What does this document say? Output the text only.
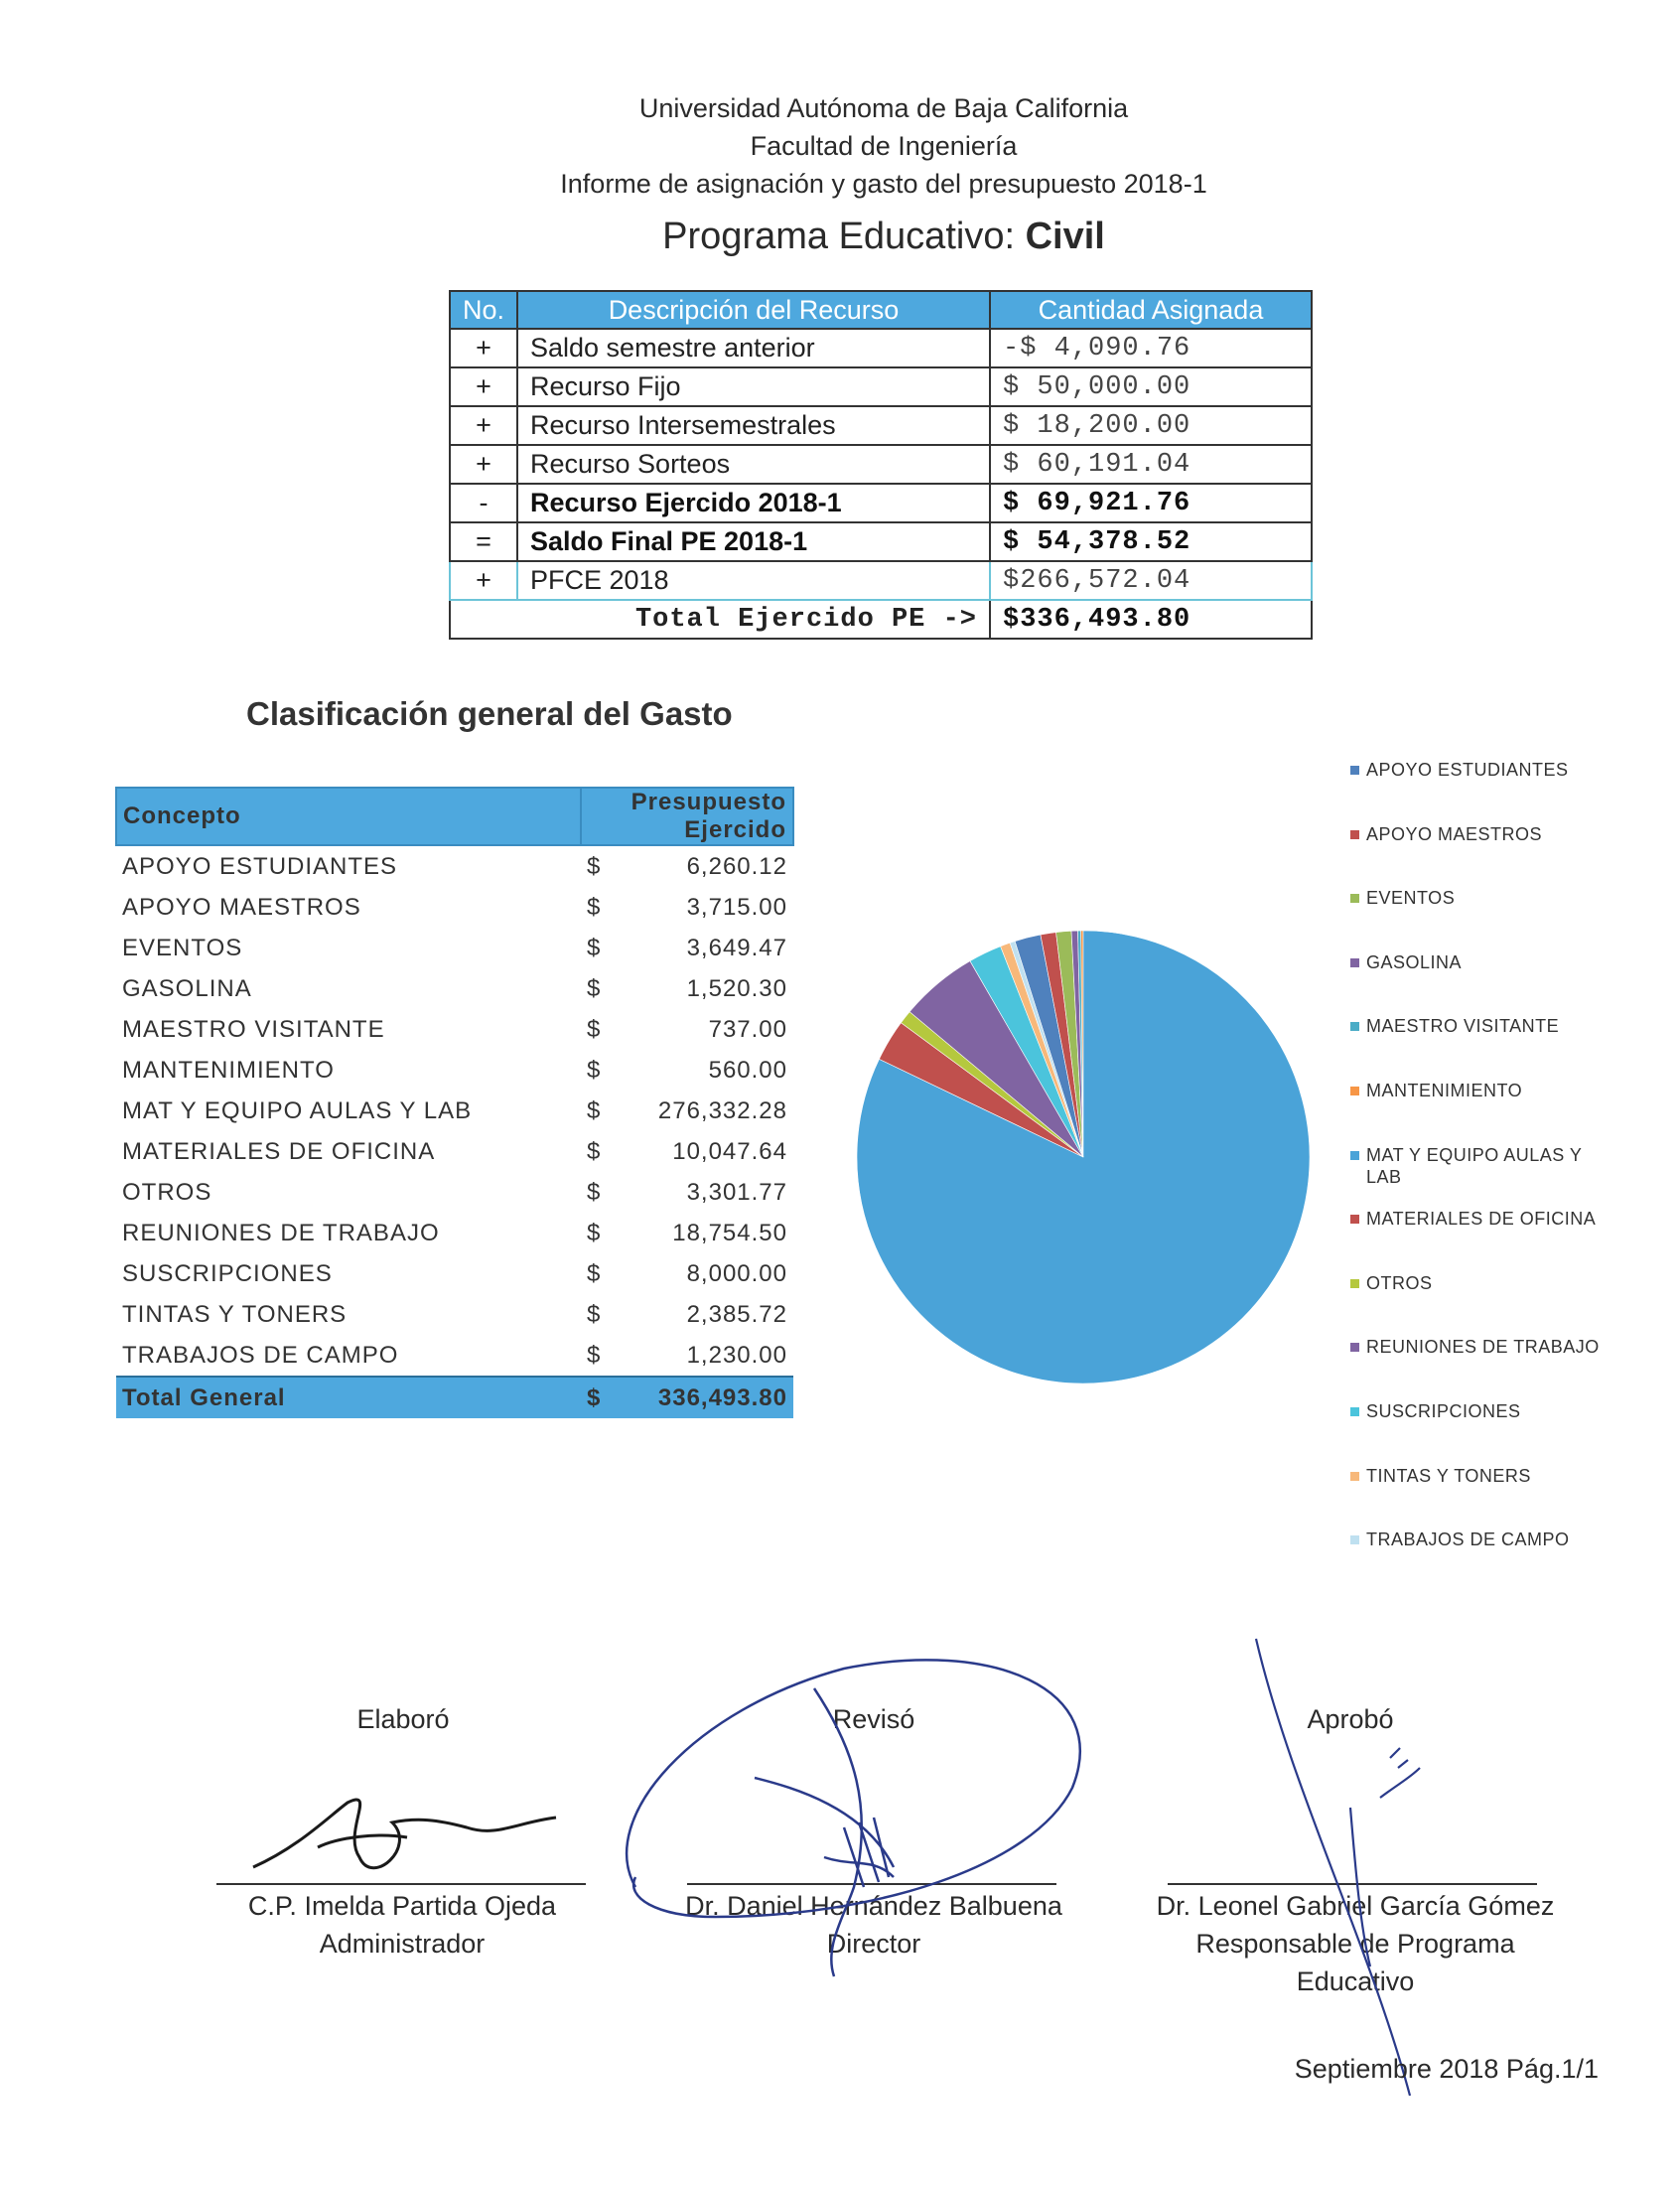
Universidad Autónoma de Baja California
Facultad de Ingeniería
Informe de asignación y gasto del presupuesto 2018-1
Programa Educativo: Civil
No.	Descripción del Recurso	Cantidad Asignada
+	Saldo semestre anterior	-$ 4,090.76
+	Recurso Fijo	$ 50,000.00
+	Recurso Intersemestrales	$ 18,200.00
+	Recurso Sorteos	$ 60,191.04
-	Recurso Ejercido 2018-1	$ 69,921.76
=	Saldo Final PE 2018-1	$ 54,378.52
+	PFCE 2018	$266,572.04
Total Ejercido PE ->		$336,493.80
Clasificación general del Gasto
Concepto	Presupuesto Ejercido	
APOYO ESTUDIANTES	$	6,260.12
APOYO MAESTROS	$	3,715.00
EVENTOS	$	3,649.47
GASOLINA	$	1,520.30
MAESTRO VISITANTE	$	737.00
MANTENIMIENTO	$	560.00
MAT Y EQUIPO AULAS Y LAB	$	276,332.28
MATERIALES DE OFICINA	$	10,047.64
OTROS	$	3,301.77
REUNIONES DE TRABAJO	$	18,754.50
SUSCRIPCIONES	$	8,000.00
TINTAS Y TONERS	$	2,385.72
TRABAJOS DE CAMPO	$	1,230.00
Total General	$	336,493.80
APOYO ESTUDIANTES
APOYO MAESTROS
EVENTOS
GASOLINA
MAESTRO VISITANTE
MANTENIMIENTO
MAT Y EQUIPO AULAS Y LAB
MATERIALES DE OFICINA
OTROS
REUNIONES DE TRABAJO
SUSCRIPCIONES
TINTAS Y TONERS
TRABAJOS DE CAMPO
Elaboró	Revisó	Aprobó
C.P. Imelda Partida Ojeda
Administrador
Dr. Daniel Hernández Balbuena
Director
Dr. Leonel Gabriel García Gómez
Responsable de Programa Educativo
Septiembre 2018 Pág.1/1
